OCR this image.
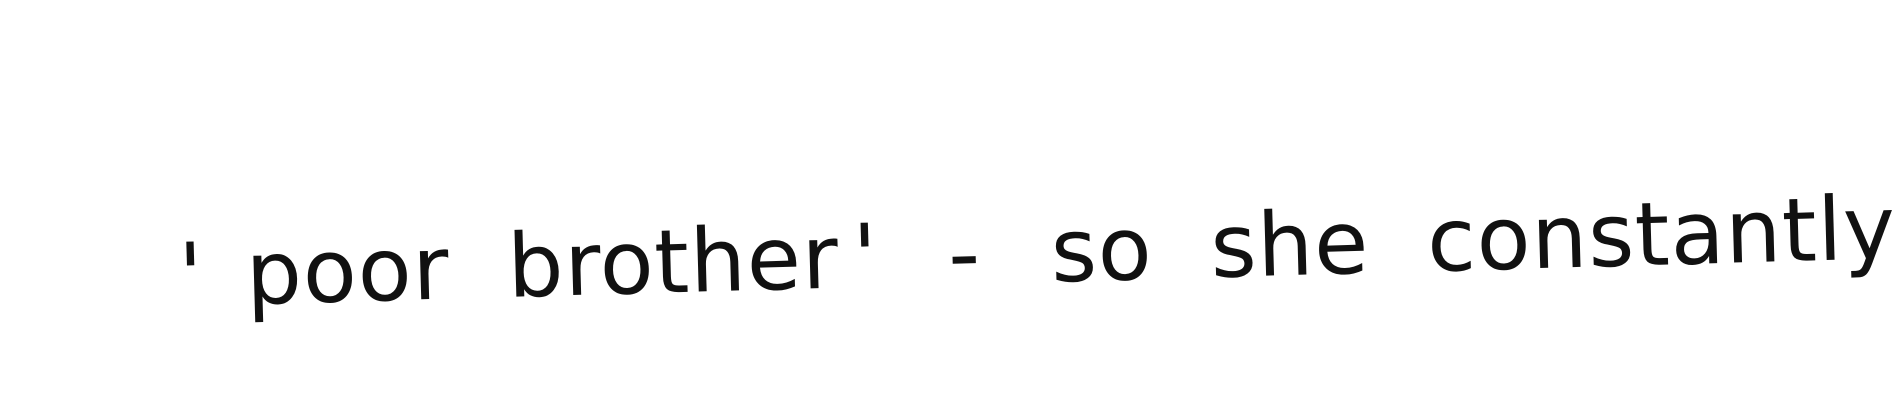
' poor brother ' - so she constantly
